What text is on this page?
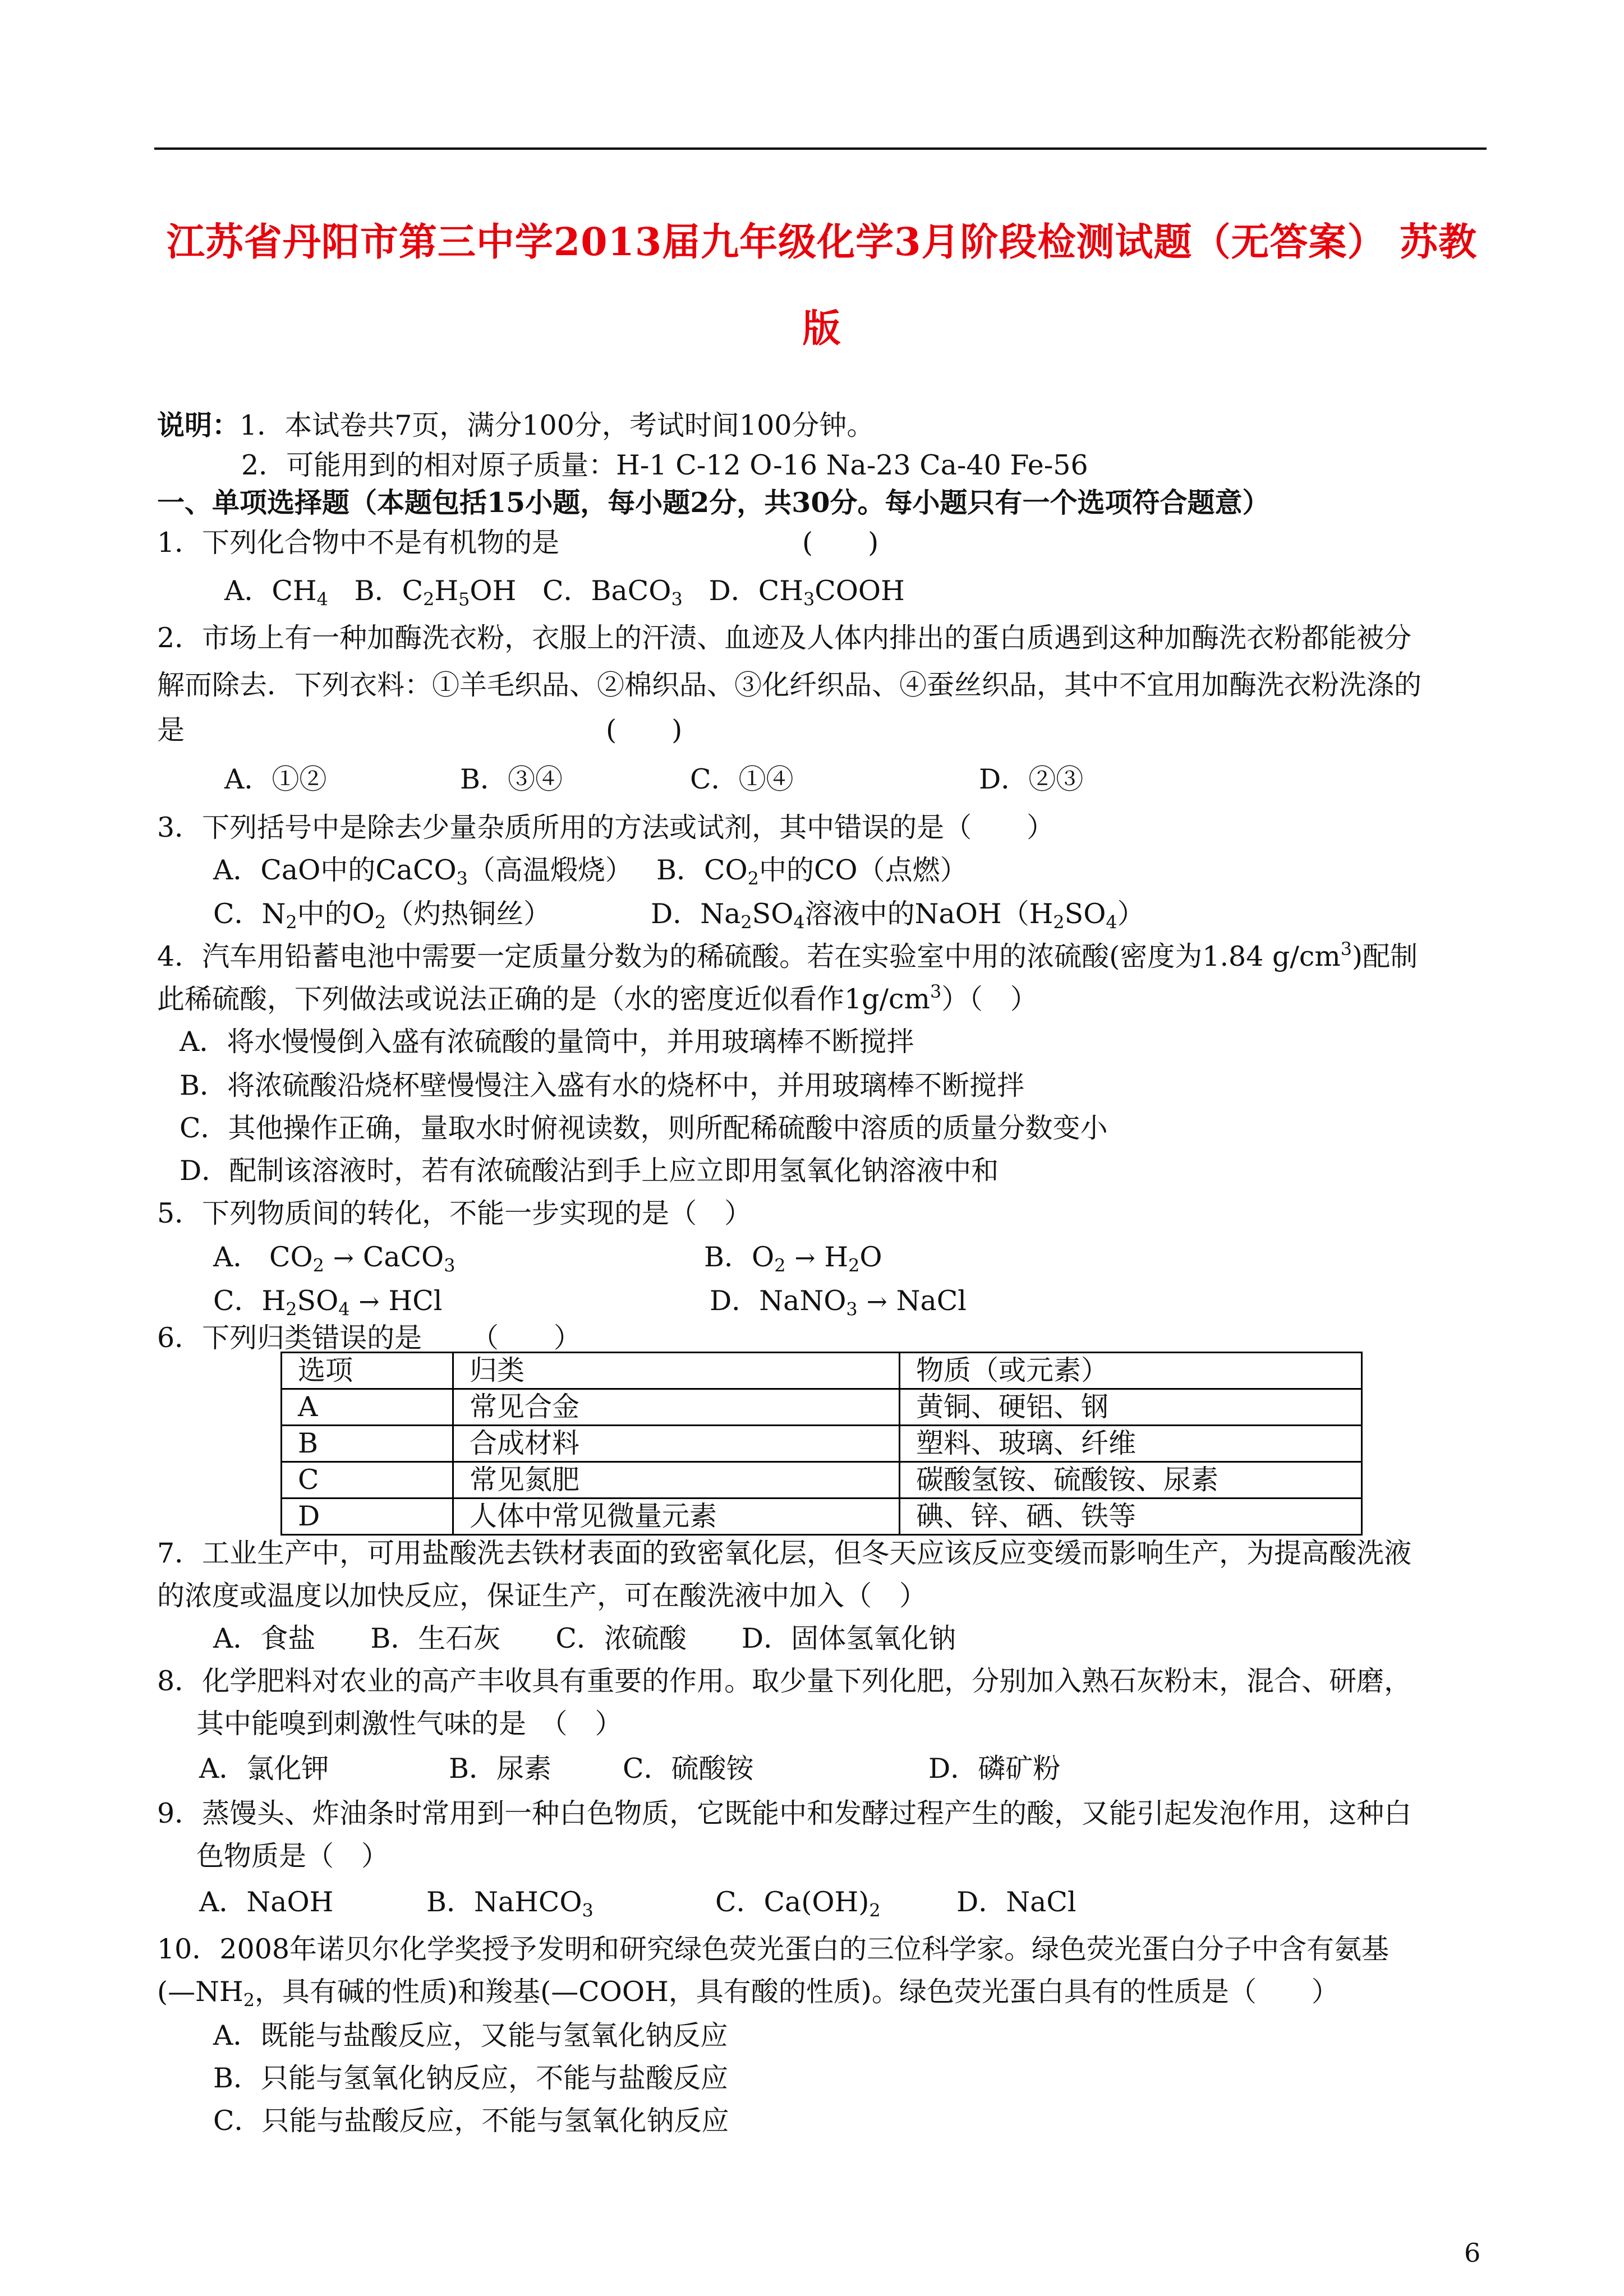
江苏省丹阳市第三中学2013届九年级化学3月阶段检测试题（无答案） 苏教
版
说明：1．本试卷共7页，满分100分，考试时间100分钟。
2．可能用到的相对原子质量：H-1 C-12 O-16 Na-23 Ca-40 Fe-56
一、单项选择题（本题包括15小题，每小题2分，共30分。每小题只有一个选项符合题意）
1．下列化合物中不是有机物的是	(　　)
A．$CH_4$ B．$C_2H_5OH$ C．BaCO$_3$ D．$CH_3COOH$
2．市场上有一种加酶洗衣粉，衣服上的汗渍、血迹及人体内排出的蛋白质遇到这种加酶洗衣粉都能被分
解而除去．下列衣料：①羊毛织品、②棉织品、③化纤织品、④蚕丝织品，其中不宜用加酶洗衣粉洗涤的
是	(　　)
A．①②	B．③④	C．①④	D．②③
3．下列括号中是除去少量杂质所用的方法或试剂，其中错误的是（　　）
A．CaO中的CaCO$_3$（高温煅烧） B．$CO_2$中的CO（点燃）
C．$N_2$中的$O_2$（灼热铜丝）	D．$Na_2SO_4$溶液中的$NaOH(H_2SO_4)$
4．汽车用铅蓄电池中需要一定质量分数为的稀硫酸。若在实验室中用的浓硫酸(密度为1.84 $g/cm^3$)配制
此稀硫酸，下列做法或说法正确的是（水的密度近似看作$1g/cm^3$）（　）
A．将水慢慢倒入盛有浓硫酸的量筒中，并用玻璃棒不断搅拌
B．将浓硫酸沿烧杯壁慢慢注入盛有水的烧杯中，并用玻璃棒不断搅拌
C．其他操作正确，量取水时俯视读数，则所配稀硫酸中溶质的质量分数变小
D．配制该溶液时，若有浓硫酸沾到手上应立即用氢氧化钠溶液中和
5．下列物质间的转化，不能一步实现的是（　）
A． $CO_2$ → CaCO$_3$	B．$O_2 \to H_2O$
C．$H_2SO_4$ → HCl	D．NaNO$_3$ → NaCl
6．下列归类错误的是 （　　）
选项	归类	物质（或元素）
A	常见合金	黄铜、硬铝、钢
B	合成材料	塑料、玻璃、纤维
C	常见氮肥	碳酸氢铵、硫酸铵、尿素
D	人体中常见微量元素	碘、锌、硒、铁等
7．工业生产中，可用盐酸洗去铁材表面的致密氧化层，但冬天应该反应变缓而影响生产，为提高酸洗液
的浓度或温度以加快反应，保证生产，可在酸洗液中加入（　）
A．食盐　　B．生石灰　　C．浓硫酸　　D．固体氢氧化钠
8．化学肥料对农业的高产丰收具有重要的作用。取少量下列化肥，分别加入熟石灰粉末，混合、研磨，
其中能嗅到刺激性气味的是　（　）
A．氯化钾	B．尿素	C．硫酸铵	D．磷矿粉
9．蒸馒头、炸油条时常用到一种白色物质，它既能中和发酵过程产生的酸，又能引起发泡作用，这种白
色物质是（　）
A．NaOH	B．NaHCO$_3$	C．$Ca(OH)_2$	D．NaCl
10．2008年诺贝尔化学奖授予发明和研究绿色荧光蛋白的三位科学家。绿色荧光蛋白分子中含有氨基
($—NH_2$，具有碱的性质)和羧基(—COOH，具有酸的性质)。绿色荧光蛋白具有的性质是（　　）
A．既能与盐酸反应，又能与氢氧化钠反应
B．只能与氢氧化钠反应，不能与盐酸反应
C．只能与盐酸反应，不能与氢氧化钠反应
6
